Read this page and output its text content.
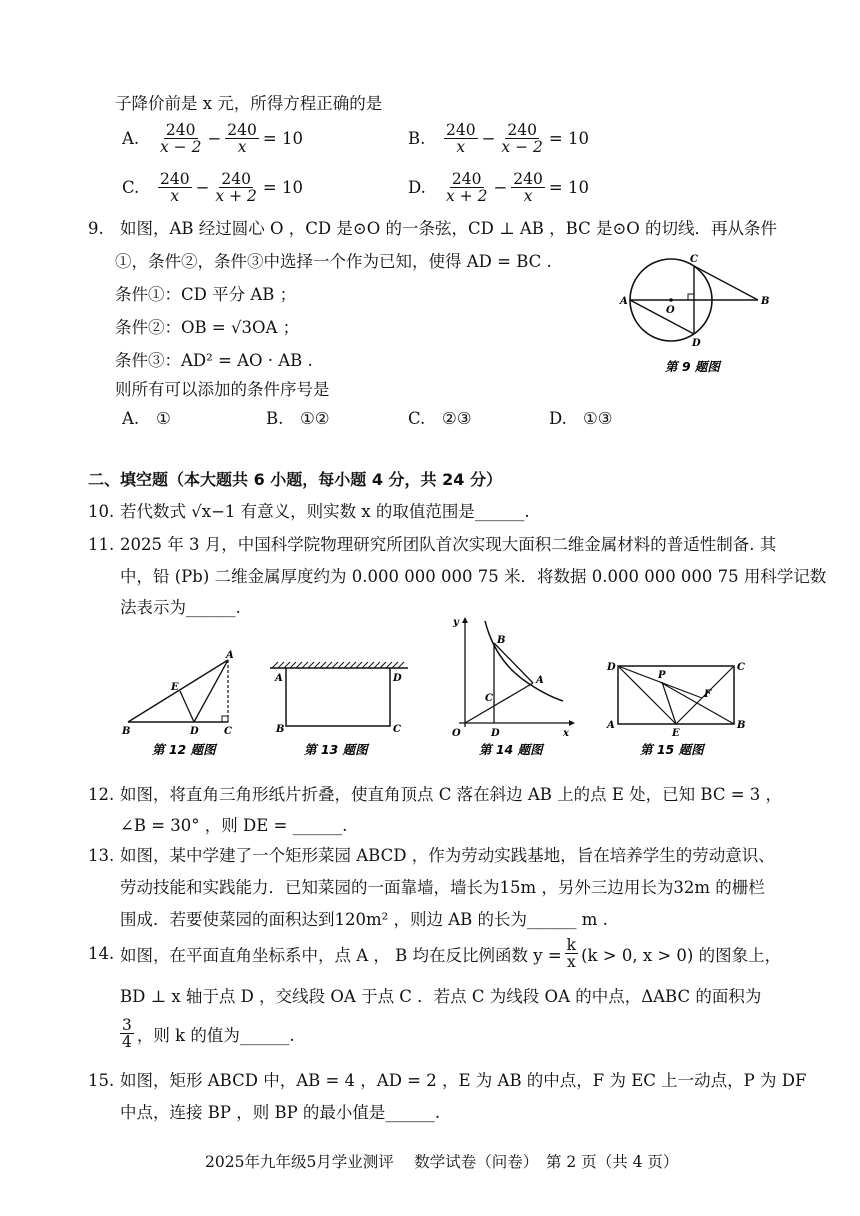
子降价前是 x 元，所得方程正确的是
A.	$\frac{240}{x - 2} - \frac{240}{x} = 10$	B.	$\frac{240}{x} - \frac{240}{x - 2} = 10$
C.	$\frac{240}{x} - \frac{240}{x + 2} = 10$	D.	$\frac{240}{x + 2} - \frac{240}{x} = 10$
9. 如图，AB 经过圆心 O ，CD 是⊙O 的一条弦，CD ⊥ AB ，BC 是⊙O 的切线．再从条件
①，条件②，条件③中选择一个作为已知，使得 AD = BC .
条件①：CD 平分 AB ；
条件②：OB = √3OA ；
条件③：AD² = AO · AB .
则所有可以添加的条件序号是
A. ①	B. ①②	C. ②③	D. ①③
A	B
C
D
O
第 9 题图
二、填空题（本大题共 6 小题，每小题 4 分，共 24 分）
10. 若代数式 √x−1 有意义，则实数 x 的取值范围是______.
11. 2025 年 3 月，中国科学院物理研究所团队首次实现大面积二维金属材料的普适性制备. 其
中，铅 (Pb) 二维金属厚度约为 0.000 000 000 75 米．将数据 0.000 000 000 75 用科学记数
法表示为______.
A
B	C
D
E
第 12 题图
A	D
B	C
第 13 题图
y
x
O
B
A
C
D
第 14 题图
D	C
A	B
E
F
P
第 15 题图
12. 如图，将直角三角形纸片折叠，使直角顶点 C 落在斜边 AB 上的点 E 处，已知 BC = 3 ，
∠B = 30° ，则 DE = ______.
13. 如图，某中学建了一个矩形菜园 ABCD ，作为劳动实践基地，旨在培养学生的劳动意识、
劳动技能和实践能力．已知菜园的一面靠墙，墙长为15m ，另外三边用长为32m 的栅栏
围成．若要使菜园的面积达到120m² ，则边 AB 的长为______ m .
14. 如图，在平面直角坐标系中，点 A ， B 均在反比例函数 $y = \frac{k}{x} (k > 0$, x > 0) 的图象上，
BD ⊥ x 轴于点 D ，交线段 OA 于点 C ．若点 C 为线段 OA 的中点，ΔABC 的面积为
$\frac{3}{4}$ ，则 k 的值为______.
15. 如图，矩形 ABCD 中，AB = 4 ，AD = 2 ，E 为 AB 的中点，F 为 EC 上一动点，P 为 DF
中点，连接 BP ，则 BP 的最小值是______.
2025年九年级5月学业测评　 数学试卷（问卷）　第 2 页（共 4 页）
